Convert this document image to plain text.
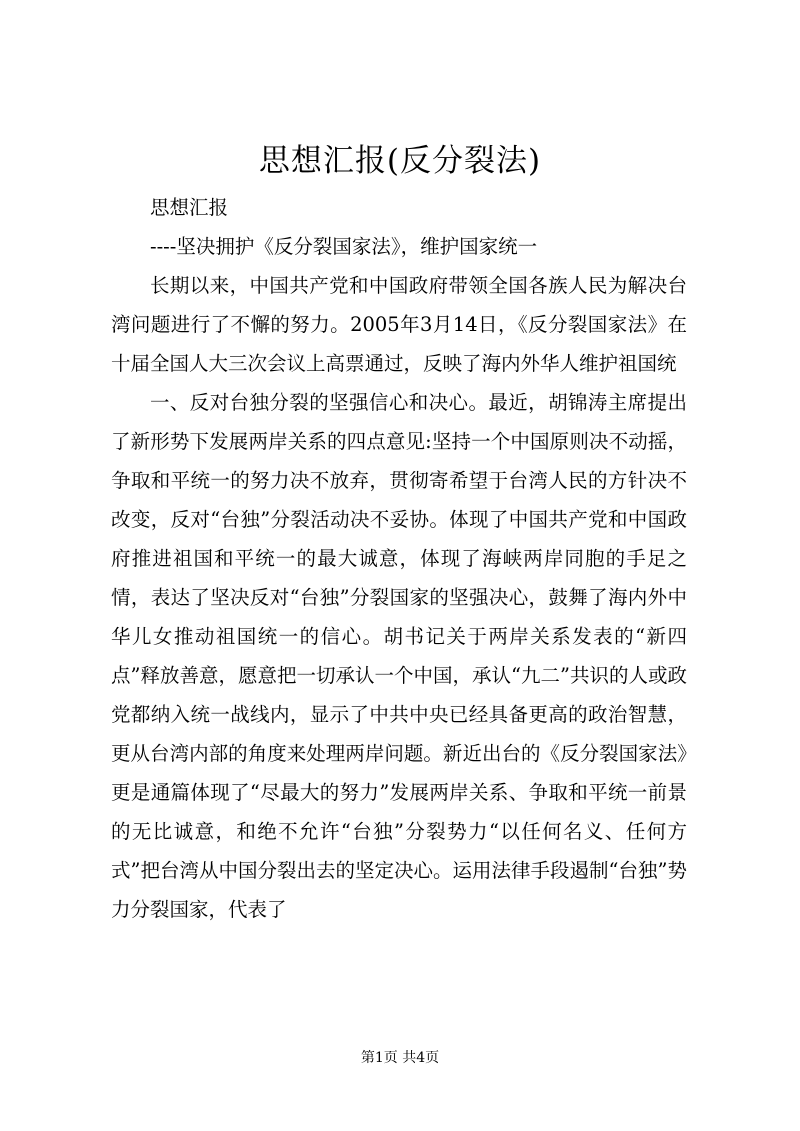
思想汇报(反分裂法)

思想汇报

----坚决拥护《反分裂国家法》，维护国家统一

长期以来，中国共产党和中国政府带领全国各族人民为解决台湾问题进行了不懈的努力。2005年3月14日，《反分裂国家法》在十届全国人大三次会议上高票通过，反映了海内外华人维护祖国统

一、反对台独分裂的坚强信心和决心。最近，胡锦涛主席提出了新形势下发展两岸关系的四点意见:坚持一个中国原则决不动摇，争取和平统一的努力决不放弃，贯彻寄希望于台湾人民的方针决不改变，反对“台独”分裂活动决不妥协。体现了中国共产党和中国政府推进祖国和平统一的最大诚意，体现了海峡两岸同胞的手足之情，表达了坚决反对“台独”分裂国家的坚强决心，鼓舞了海内外中华儿女推动祖国统一的信心。胡书记关于两岸关系发表的“新四点”释放善意，愿意把一切承认一个中国，承认“九二”共识的人或政党都纳入统一战线内，显示了中共中央已经具备更高的政治智慧，更从台湾内部的角度来处理两岸问题。新近出台的《反分裂国家法》更是通篇体现了“尽最大的努力”发展两岸关系、争取和平统一前景的无比诚意，和绝不允许“台独”分裂势力“以任何名义、任何方式”把台湾从中国分裂出去的坚定决心。运用法律手段遏制“台独”势力分裂国家，代表了

第1页 共4页
